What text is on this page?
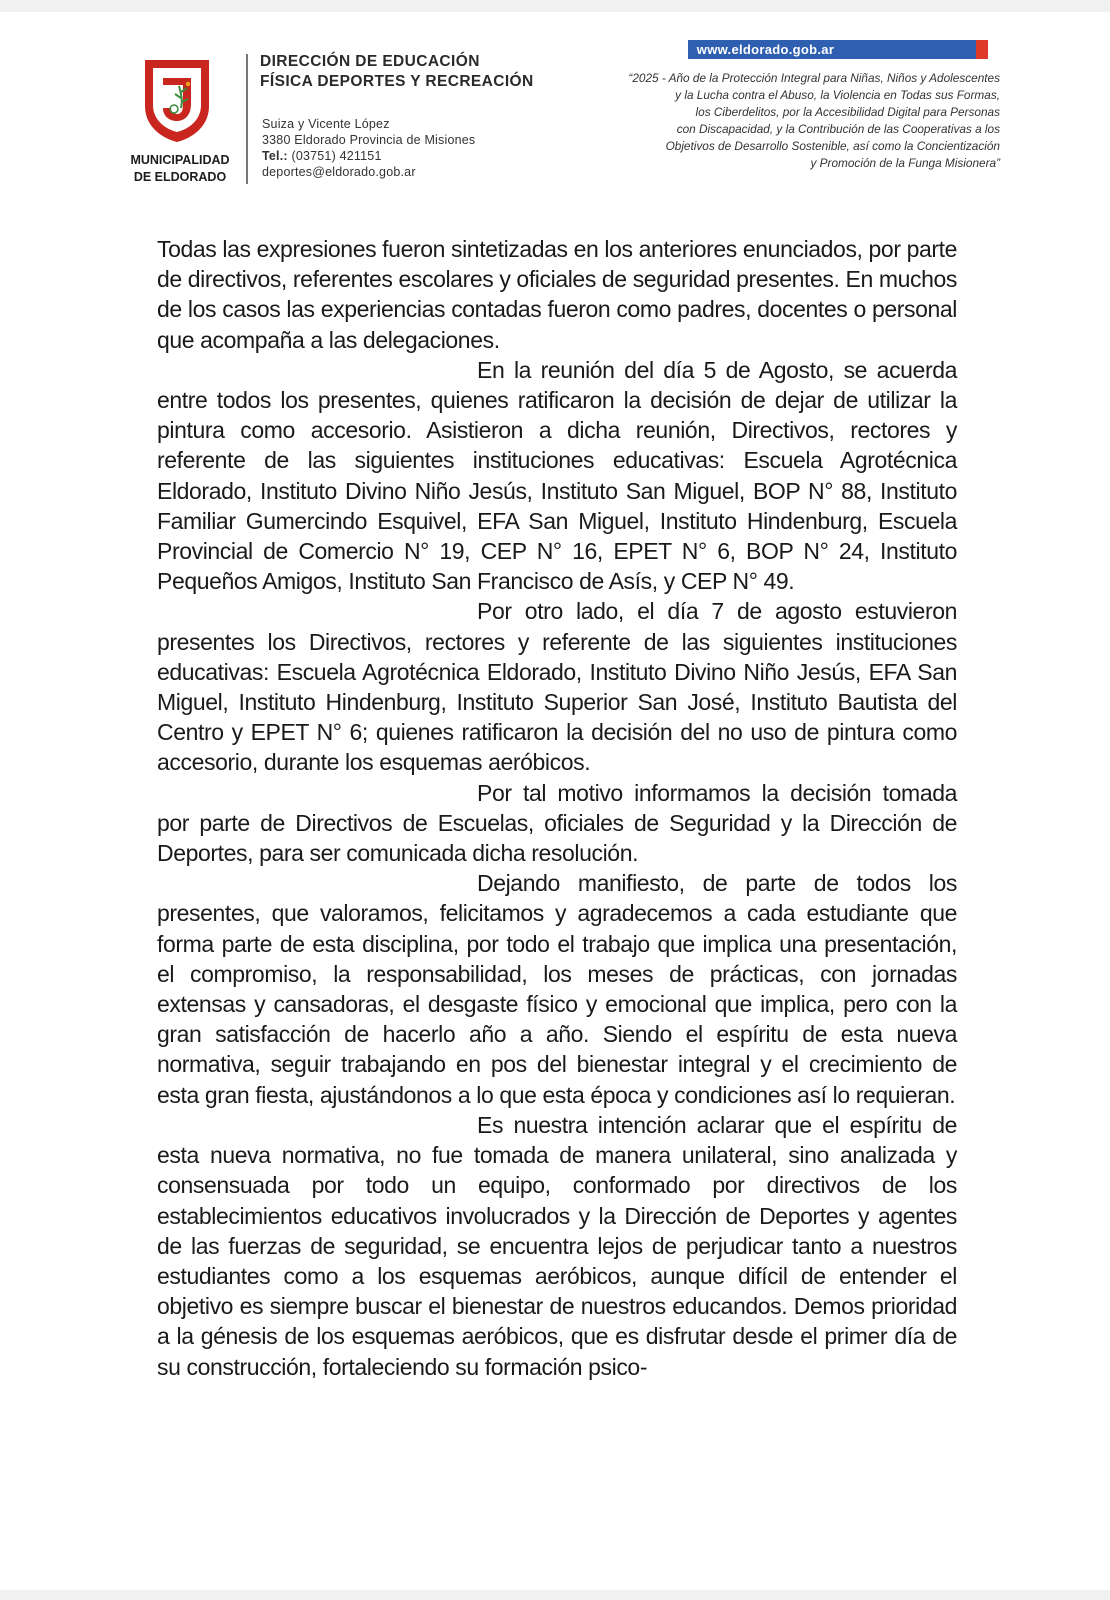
MUNICIPALIDAD
DE ELDORADO
DIRECCIÓN DE EDUCACIÓN
FÍSICA DEPORTES Y RECREACIÓN
Suiza y Vicente López
3380 Eldorado Provincia de Misiones
Tel.: (03751) 421151
deportes@eldorado.gob.ar
www.eldorado.gob.ar
“2025 - Año de la Protección Integral para Niñas, Niños y Adolescentes
y la Lucha contra el Abuso, la Violencia en Todas sus Formas,
los Ciberdelitos, por la Accesibilidad Digital para Personas
con Discapacidad, y la Contribución de las Cooperativas a los
Objetivos de Desarrollo Sostenible, así como la Concientización
y Promoción de la Funga Misionera”

Todas las expresiones fueron sintetizadas en los anteriores enunciados, por parte de directivos, referentes escolares y oficiales de seguridad presentes. En muchos de los casos las experiencias contadas fueron como padres, docentes o personal que acompaña a las delegaciones.

En la reunión del día 5 de Agosto, se acuerda entre todos los presentes, quienes ratificaron la decisión de dejar de utilizar la pintura como accesorio. Asistieron a dicha reunión, Directivos, rectores y referente de las siguientes instituciones educativas: Escuela Agrotécnica Eldorado, Instituto Divino Niño Jesús, Instituto San Miguel, BOP N° 88, Instituto Familiar Gumercindo Esquivel, EFA San Miguel, Instituto Hindenburg, Escuela Provincial de Comercio N° 19, CEP N° 16, EPET N° 6, BOP N° 24, Instituto Pequeños Amigos, Instituto San Francisco de Asís, y CEP N° 49.

Por otro lado, el día 7 de agosto estuvieron presentes los Directivos, rectores y referente de las siguientes instituciones educativas: Escuela Agrotécnica Eldorado, Instituto Divino Niño Jesús, EFA San Miguel, Instituto Hindenburg, Instituto Superior San José, Instituto Bautista del Centro y EPET N° 6; quienes ratificaron la decisión del no uso de pintura como accesorio, durante los esquemas aeróbicos.

Por tal motivo informamos la decisión tomada por parte de Directivos de Escuelas, oficiales de Seguridad y la Dirección de Deportes, para ser comunicada dicha resolución.

Dejando manifiesto, de parte de todos los presentes, que valoramos, felicitamos y agradecemos a cada estudiante que forma parte de esta disciplina, por todo el trabajo que implica una presentación, el compromiso, la responsabilidad, los meses de prácticas, con jornadas extensas y cansadoras, el desgaste físico y emocional que implica, pero con la gran satisfacción de hacerlo año a año. Siendo el espíritu de esta nueva normativa, seguir trabajando en pos del bienestar integral y el crecimiento de esta gran fiesta, ajustándonos a lo que esta época y condiciones así lo requieran.

Es nuestra intención aclarar que el espíritu de esta nueva normativa, no fue tomada de manera unilateral, sino analizada y consensuada por todo un equipo, conformado por directivos de los establecimientos educativos involucrados y la Dirección de Deportes y agentes de las fuerzas de seguridad, se encuentra lejos de perjudicar tanto a nuestros estudiantes como a los esquemas aeróbicos, aunque difícil de entender el objetivo es siempre buscar el bienestar de nuestros educandos. Demos prioridad a la génesis de los esquemas aeróbicos, que es disfrutar desde el primer día de su construcción, fortaleciendo su formación psico-
